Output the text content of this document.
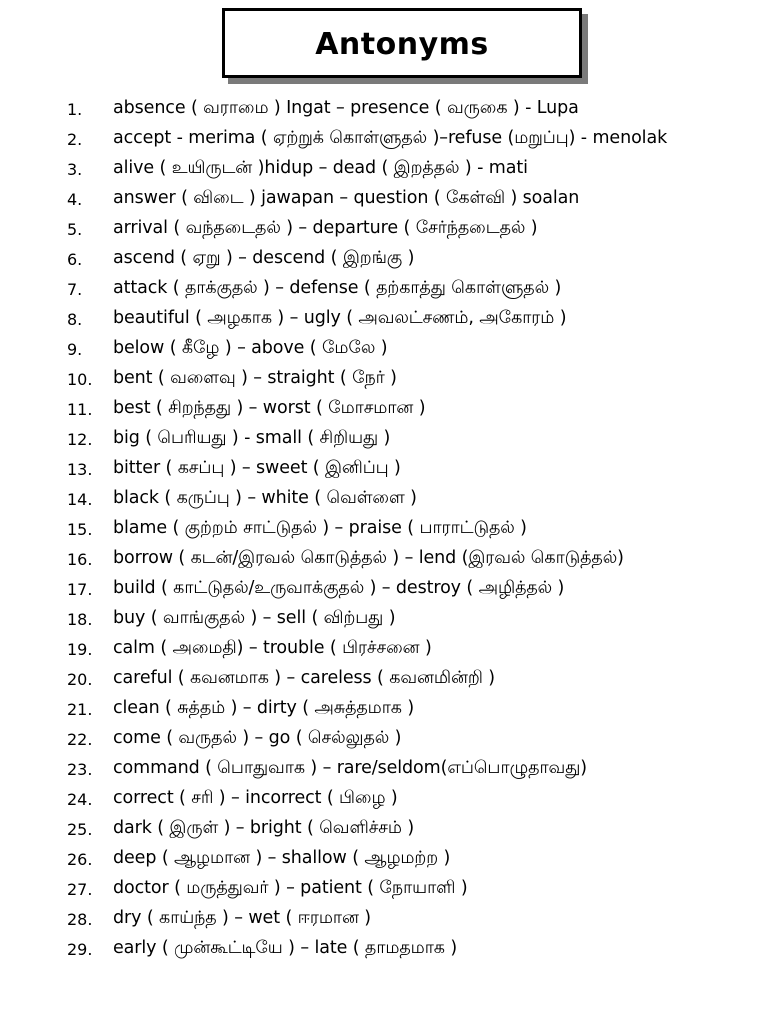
Antonyms
1. absence ( வராமை ) Ingat – presence ( வருகை ) - Lupa
2. accept - merima ( ஏற்றுக் கொள்ளுதல் )–refuse (மறுப்பு) - menolak
3. alive ( உயிருடன் )hidup – dead ( இறத்தல் ) - mati
4. answer ( விடை ) jawapan – question ( கேள்வி ) soalan
5. arrival ( வந்தடைதல் ) – departure ( சேர்ந்தடைதல் )
6. ascend ( ஏறு ) – descend ( இறங்கு )
7. attack ( தாக்குதல் ) – defense ( தற்காத்து கொள்ளுதல் )
8. beautiful ( அழகாக ) – ugly ( அவலட்சணம், அகோரம் )
9. below ( கீழே ) – above ( மேலே )
10. bent ( வளைவு ) – straight ( நேர் )
11. best ( சிறந்தது ) – worst ( மோசமான )
12. big ( பெரியது ) - small ( சிறியது )
13. bitter ( கசப்பு ) – sweet ( இனிப்பு )
14. black ( கருப்பு ) – white ( வெள்ளை )
15. blame ( குற்றம் சாட்டுதல் ) – praise ( பாராட்டுதல் )
16. borrow ( கடன்/இரவல் கொடுத்தல் ) – lend (இரவல் கொடுத்தல்)
17. build ( காட்டுதல்/உருவாக்குதல் ) – destroy ( அழித்தல் )
18. buy ( வாங்குதல் ) – sell ( விற்பது )
19. calm ( அமைதி) – trouble ( பிரச்சனை )
20. careful ( கவனமாக ) – careless ( கவனமின்றி )
21. clean ( சுத்தம் ) – dirty ( அசுத்தமாக )
22. come ( வருதல் ) – go ( செல்லுதல் )
23. command ( பொதுவாக ) – rare/seldom(எப்பொழுதாவது)
24. correct ( சரி ) – incorrect ( பிழை )
25. dark ( இருள் ) – bright ( வெளிச்சம் )
26. deep ( ஆழமான ) – shallow ( ஆழமற்ற )
27. doctor ( மருத்துவர் ) – patient ( நோயாளி )
28. dry ( காய்ந்த ) – wet ( ஈரமான )
29. early ( முன்கூட்டியே ) – late ( தாமதமாக )
